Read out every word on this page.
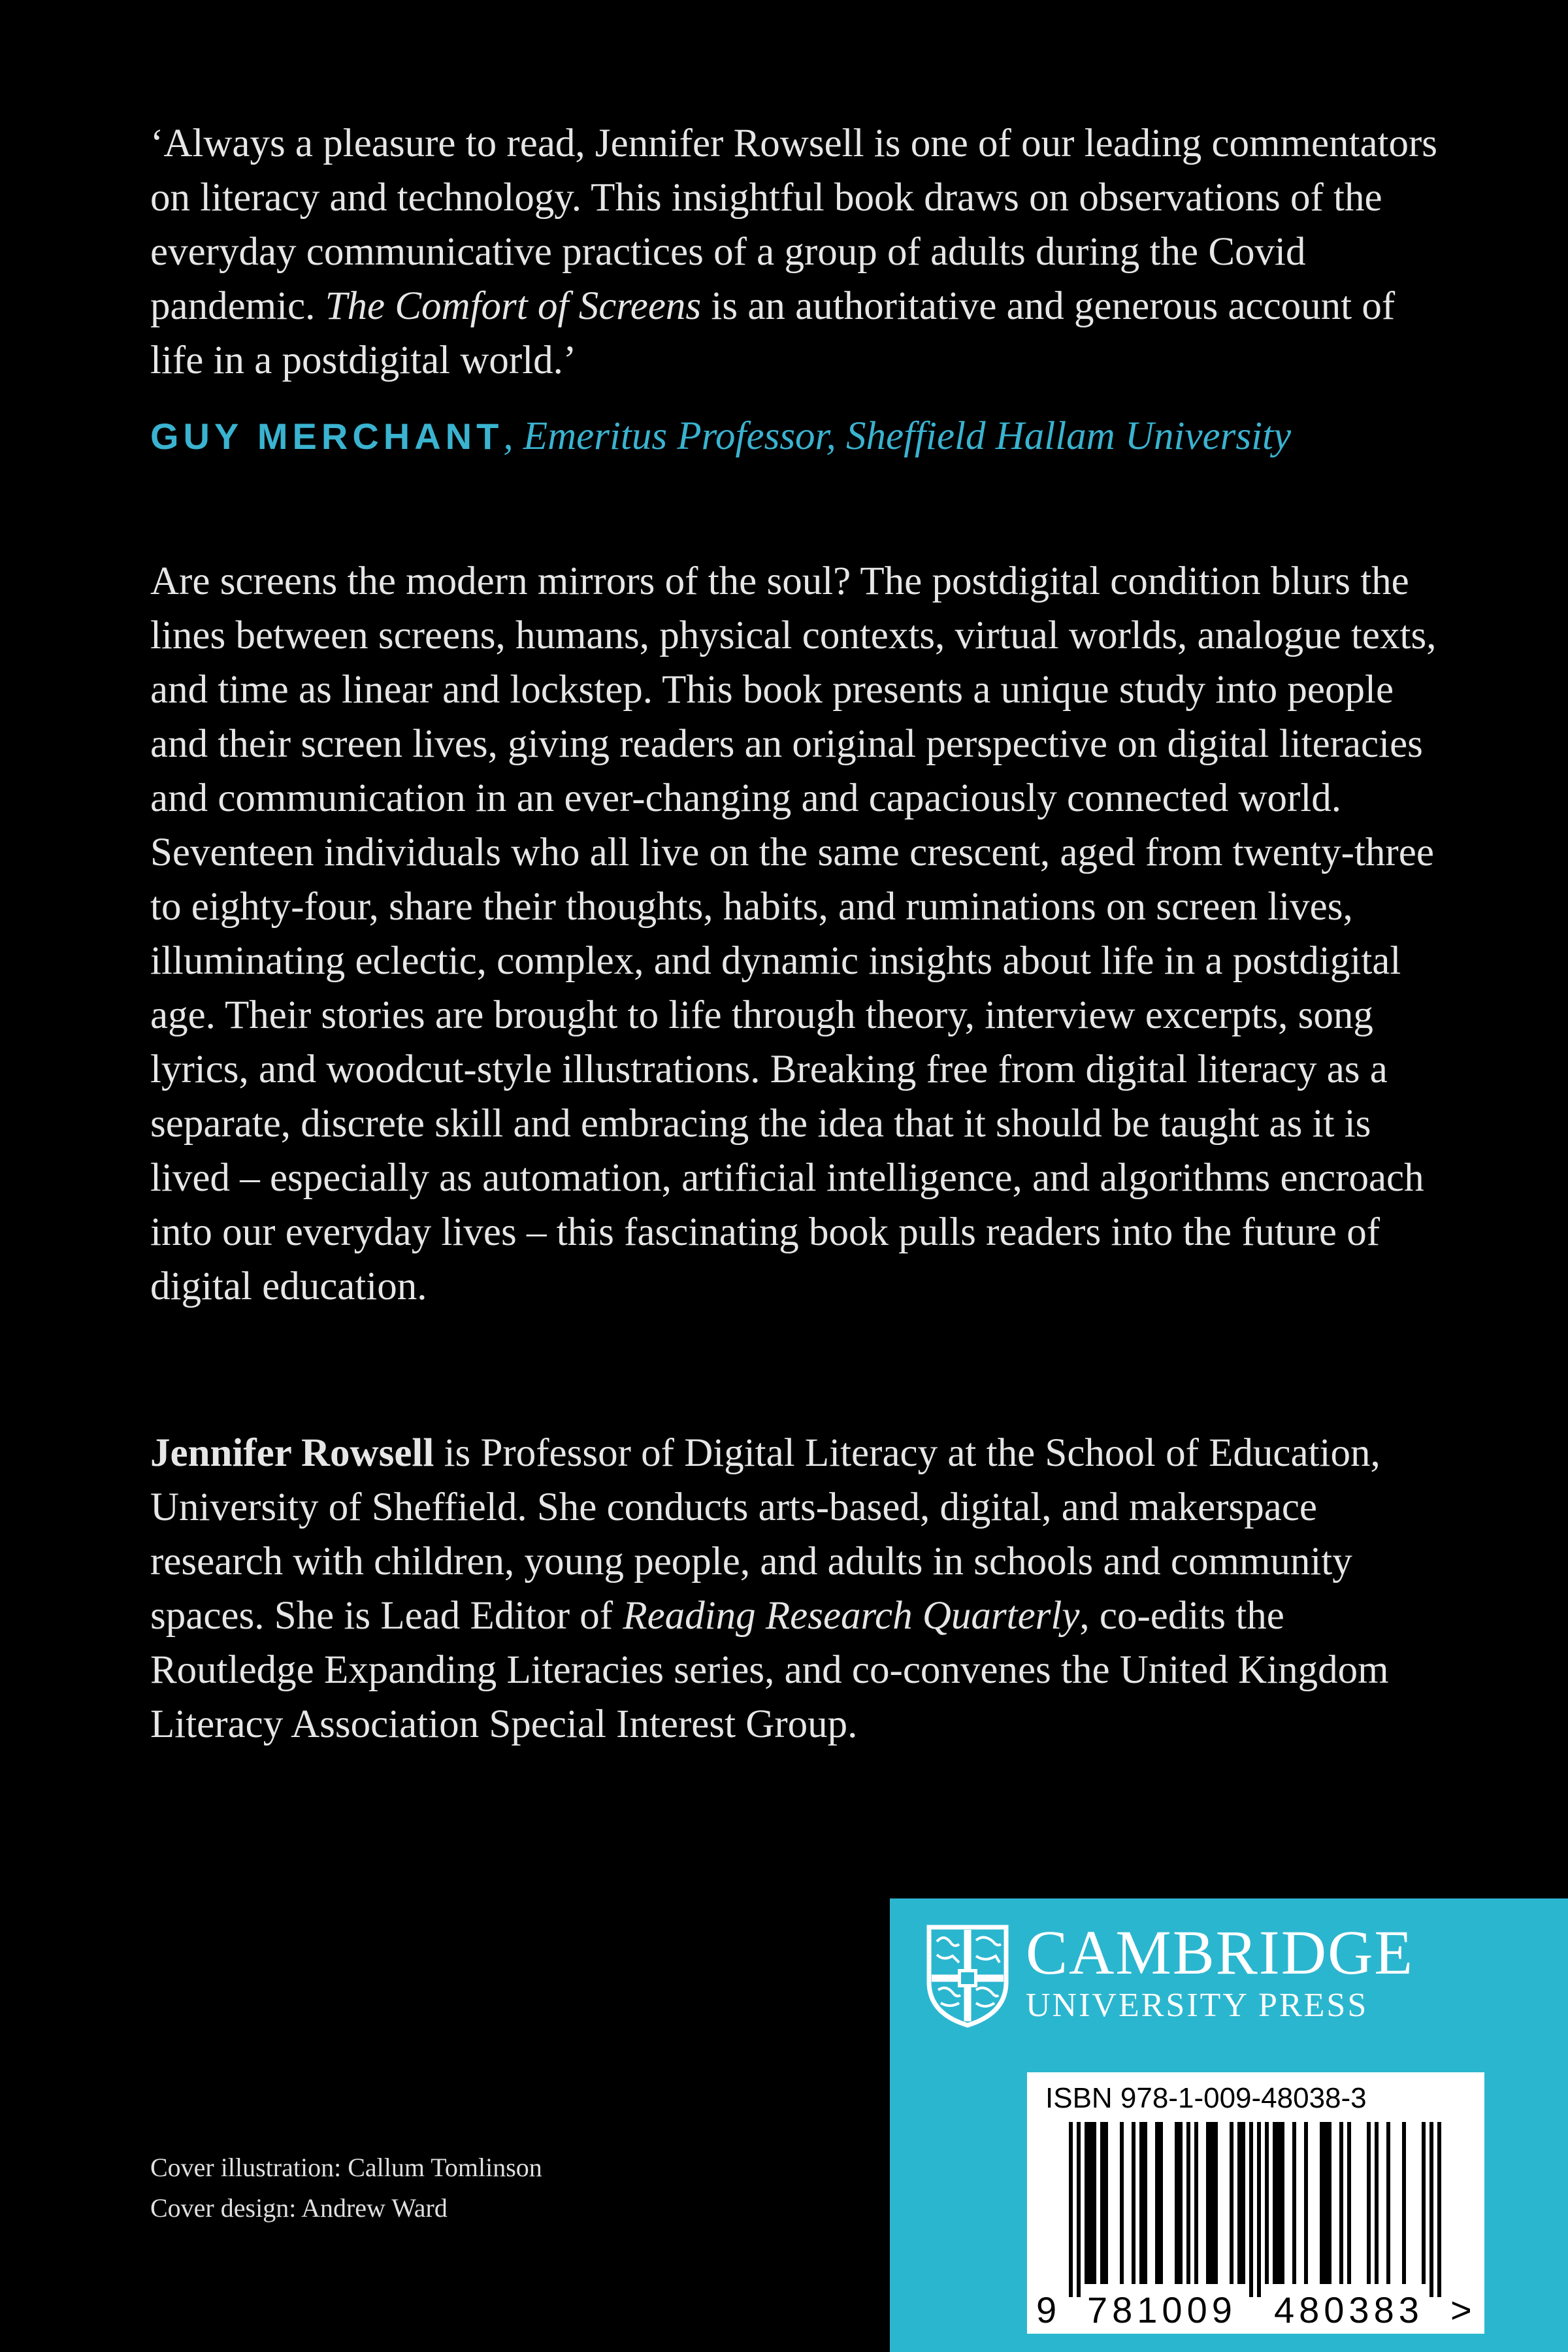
‘Always a pleasure to read, Jennifer Rowsell is one of our leading commentators on literacy and technology. This insightful book draws on observations of the everyday communicative practices of a group of adults during the Covid pandemic. The Comfort of Screens is an authoritative and generous account of life in a postdigital world.’

GUY MERCHANT, Emeritus Professor, Sheffield Hallam University

Are screens the modern mirrors of the soul? The postdigital condition blurs the lines between screens, humans, physical contexts, virtual worlds, analogue texts, and time as linear and lockstep. This book presents a unique study into people and their screen lives, giving readers an original perspective on digital literacies and communication in an ever-changing and capaciously connected world. Seventeen individuals who all live on the same crescent, aged from twenty-three to eighty-four, share their thoughts, habits, and ruminations on screen lives, illuminating eclectic, complex, and dynamic insights about life in a postdigital age. Their stories are brought to life through theory, interview excerpts, song lyrics, and woodcut-style illustrations. Breaking free from digital literacy as a separate, discrete skill and embracing the idea that it should be taught as it is lived – especially as automation, artificial intelligence, and algorithms encroach into our everyday lives – this fascinating book pulls readers into the future of digital education.

Jennifer Rowsell is Professor of Digital Literacy at the School of Education, University of Sheffield. She conducts arts-based, digital, and makerspace research with children, young people, and adults in schools and community spaces. She is Lead Editor of Reading Research Quarterly, co-edits the Routledge Expanding Literacies series, and co-convenes the United Kingdom Literacy Association Special Interest Group.

Cover illustration: Callum Tomlinson
Cover design: Andrew Ward
CAMBRIDGE
UNIVERSITY PRESS
ISBN 978-1-009-48038-3
9 781009 480383 >
